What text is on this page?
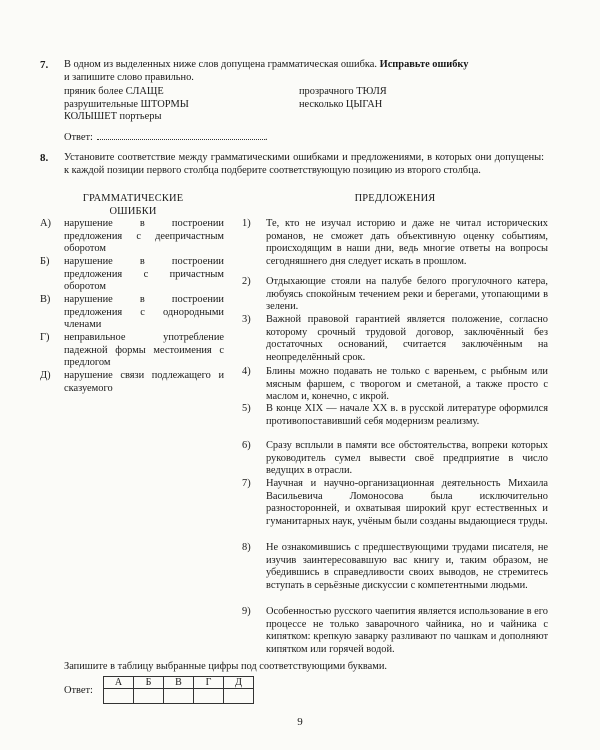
7. В одном из выделенных ниже слов допущена грамматическая ошибка. Исправьте ошибку
и запишите слово правильно.
пряник более СЛАЩЕ	прозрачного ТЮЛЯ
разрушительные ШТОРМЫ	несколько ЦЫГАН
КОЛЫШЕТ портьеры
Ответ:	.
8. Установите соответствие между грамматическими ошибками и предложениями, в которых они допущены: к каждой позиции первого столбца подберите соответствующую позицию из второго столбца.
ГРАММАТИЧЕСКИЕ
ОШИБКИ
ПРЕДЛОЖЕНИЯ
А) нарушение в построении предложения с деепричастным оборотом
Б) нарушение в построении предложения с причастным оборотом
В) нарушение в построении предложения с однородными членами
Г) неправильное употребление падежной формы местоимения с предлогом
Д) нарушение связи подлежащего и сказуемого
1) Те, кто не изучал историю и даже не читал исторических романов, не сможет дать объективную оценку событиям, происходящим в наши дни, ведь многие ответы на вопросы сегодняшнего дня следует искать в прошлом.
2) Отдыхающие стояли на палубе белого прогулочного катера, любуясь спокойным течением реки и берегами, утопающими в зелени.
3) Важной правовой гарантией является положение, согласно которому срочный трудовой договор, заключённый без достаточных оснований, считается заключённым на неопределённый срок.
4) Блины можно подавать не только с вареньем, с рыбным или мясным фаршем, с творогом и сметаной, а также просто с маслом и, конечно, с икрой.
5) В конце XIX — начале XX в. в русской литературе оформился противопоставивший себя модернизм реализму.
6) Сразу всплыли в памяти все обстоятельства, вопреки которых руководитель сумел вывести своё предприятие в число ведущих в отрасли.
7) Научная и научно-организационная деятельность Михаила Васильевича Ломоносова была исключительно разносторонней, и охватывая широкий круг естественных и гуманитарных наук, учёным были созданы выдающиеся труды.
8) Не ознакомившись с предшествующими трудами писателя, не изучив заинтересовавшую вас книгу и, таким образом, не убедившись в справедливости своих выводов, не стремитесь вступать в серьёзные дискуссии с компетентными людьми.
9) Особенностью русского чаепития является использование в его процессе не только заварочного чайника, но и чайника с кипятком: крепкую заварку разливают по чашкам и дополняют кипятком или горячей водой.
Запишите в таблицу выбранные цифры под соответствующими буквами.
Ответ:
А	Б	В	Г	Д

9
